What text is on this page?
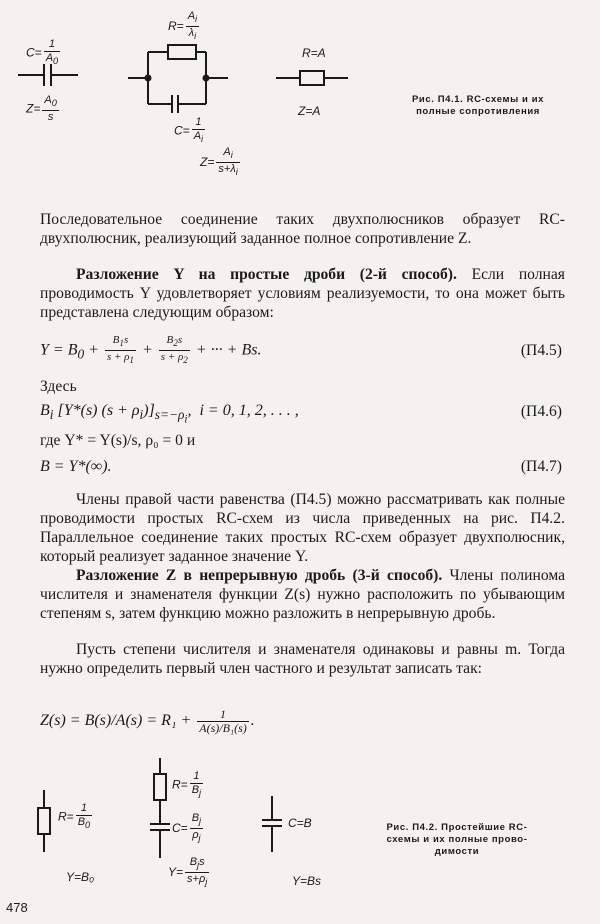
$C= \frac{1}{A_0}$
$Z= \frac{A_0}{s}$
$R= \frac{A_i}{\lambda_i}$
$C= \frac{1}{A_i}$
$Z= \frac{A_i}{s+\lambda_i}$
R=A
Z=A
Рис. П4.1. RC-схемы и их
полные сопротивления
Последовательное соединение таких двухполюсников образует RC-двухполюсник, реализующий заданное полное сопротивление Z.
Разложение Y на простые дроби (2-й способ). Если полная проводимость Y удовлетворяет условиям реализуемости, то она может быть представлена следующим образом:
$Y = B_0 + \frac{B_1s}{s + \rho_1} + \frac{B_2s}{s + \rho_2}$ + ··· + Bs.	(П4.5)
Здесь
$B_i$ [Y*(s) $(s + \rho_i)]_{s=-\rho_i}$,  i = 0, 1, 2, . . . ,	(П4.6)
где Y* = Y(s)/s, ρ₀ = 0 и
B = Y*(∞).	(П4.7)
Члены правой части равенства (П4.5) можно рассматривать как полные проводимости простых RC-схем из числа приведенных на рис. П4.2. Параллельное соединение таких простых RC-схем образует двухполюсник, который реализует заданное значение Y.
Разложение Z в непрерывную дробь (3-й способ). Члены полинома числителя и знаменателя функции Z(s) нужно расположить по убывающим степеням s, затем функцию можно разложить в непрерывную дробь.
Пусть степени числителя и знаменателя одинаковы и равны m. Тогда нужно определить первый член частного и результат записать так:
$Z(s) = B(s)/A(s) = R_1 + \frac{1}{\text{A(s)/B₁(s)}}$ .
$R= \frac{1}{B_0}$
Y=B₀
$R= \frac{1}{B_j}$
$C= \frac{B_j}{\rho_j}$
$Y= \frac{B_js}{s+\rho_j}$
C=B
Y=Bs
Рис. П4.2. Простейшие RC-
схемы и их полные прово-
димости
478
